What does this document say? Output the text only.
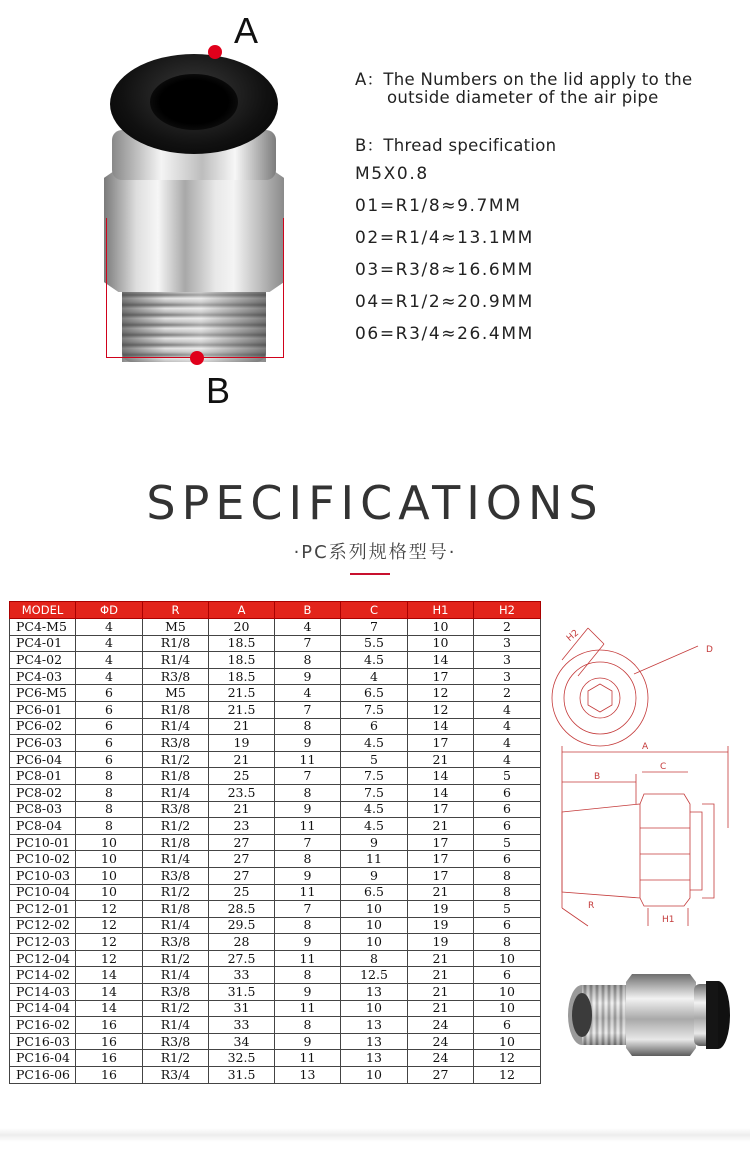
A
B
A：The Numbers on the lid apply to the
outside diameter of the air pipe
B：Thread specification
M5X0.8
01=R1/8≈9.7MM
02=R1/4≈13.1MM
03=R3/8≈16.6MM
04=R1/2≈20.9MM
06=R3/4≈26.4MM
SPECIFICATIONS
·PC系列规格型号·
MODEL	ΦD	R	A	B	C	H1	H2
PC4-M5	4	M5	20	4	7	10	2
PC4-01	4	R1/8	18.5	7	5.5	10	3
PC4-02	4	R1/4	18.5	8	4.5	14	3
PC4-03	4	R3/8	18.5	9	4	17	3
PC6-M5	6	M5	21.5	4	6.5	12	2
PC6-01	6	R1/8	21.5	7	7.5	12	4
PC6-02	6	R1/4	21	8	6	14	4
PC6-03	6	R3/8	19	9	4.5	17	4
PC6-04	6	R1/2	21	11	5	21	4
PC8-01	8	R1/8	25	7	7.5	14	5
PC8-02	8	R1/4	23.5	8	7.5	14	6
PC8-03	8	R3/8	21	9	4.5	17	6
PC8-04	8	R1/2	23	11	4.5	21	6
PC10-01	10	R1/8	27	7	9	17	5
PC10-02	10	R1/4	27	8	11	17	6
PC10-03	10	R3/8	27	9	9	17	8
PC10-04	10	R1/2	25	11	6.5	21	8
PC12-01	12	R1/8	28.5	7	10	19	5
PC12-02	12	R1/4	29.5	8	10	19	6
PC12-03	12	R3/8	28	9	10	19	8
PC12-04	12	R1/2	27.5	11	8	21	10
PC14-02	14	R1/4	33	8	12.5	21	6
PC14-03	14	R3/8	31.5	9	13	21	10
PC14-04	14	R1/2	31	11	10	21	10
PC16-02	16	R1/4	33	8	13	24	6
PC16-03	16	R3/8	34	9	13	24	10
PC16-04	16	R1/2	32.5	11	13	24	12
PC16-06	16	R3/4	31.5	13	10	27	12
H2
D
A
B
C
R
H1
